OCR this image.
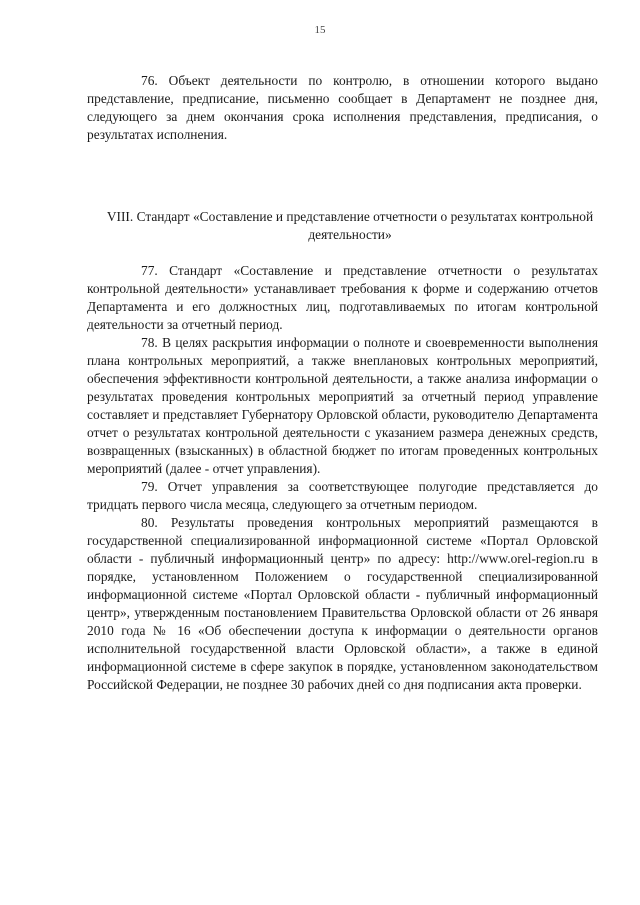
15

76. Объект деятельности по контролю, в отношении которого выдано представление, предписание, письменно сообщает в Департамент не позднее дня, следующего за днем окончания срока исполнения представления, предписания, о результатах исполнения.

VIII. Стандарт «Составление и представление отчетности о результатах контрольной деятельности»

77. Стандарт «Составление и представление отчетности о результатах контрольной деятельности» устанавливает требования к форме и содержанию отчетов Департамента и его должностных лиц, подготавливаемых по итогам контрольной деятельности за отчетный период.

78. В целях раскрытия информации о полноте и своевременности выполнения плана контрольных мероприятий, а также внеплановых контрольных мероприятий, обеспечения эффективности контрольной деятельности, а также анализа информации о результатах проведения контрольных мероприятий за отчетный период управление составляет и представляет Губернатору Орловской области, руководителю Департамента отчет о результатах контрольной деятельности с указанием размера денежных средств, возвращенных (взысканных) в областной бюджет по итогам проведенных контрольных мероприятий (далее - отчет управления).

79. Отчет управления за соответствующее полугодие представляется до тридцать первого числа месяца, следующего за отчетным периодом.

80. Результаты проведения контрольных мероприятий размещаются в государственной специализированной информационной системе «Портал Орловской области - публичный информационный центр» по адресу: http://www.orel-region.ru в порядке, установленном Положением о государственной специализированной информационной системе «Портал Орловской области - публичный информационный центр», утвержденным постановлением Правительства Орловской области от 26 января 2010 года № 16 «Об обеспечении доступа к информации о деятельности органов исполнительной государственной власти Орловской области», а также в единой информационной системе в сфере закупок в порядке, установленном законодательством Российской Федерации, не позднее 30 рабочих дней со дня подписания акта проверки.
